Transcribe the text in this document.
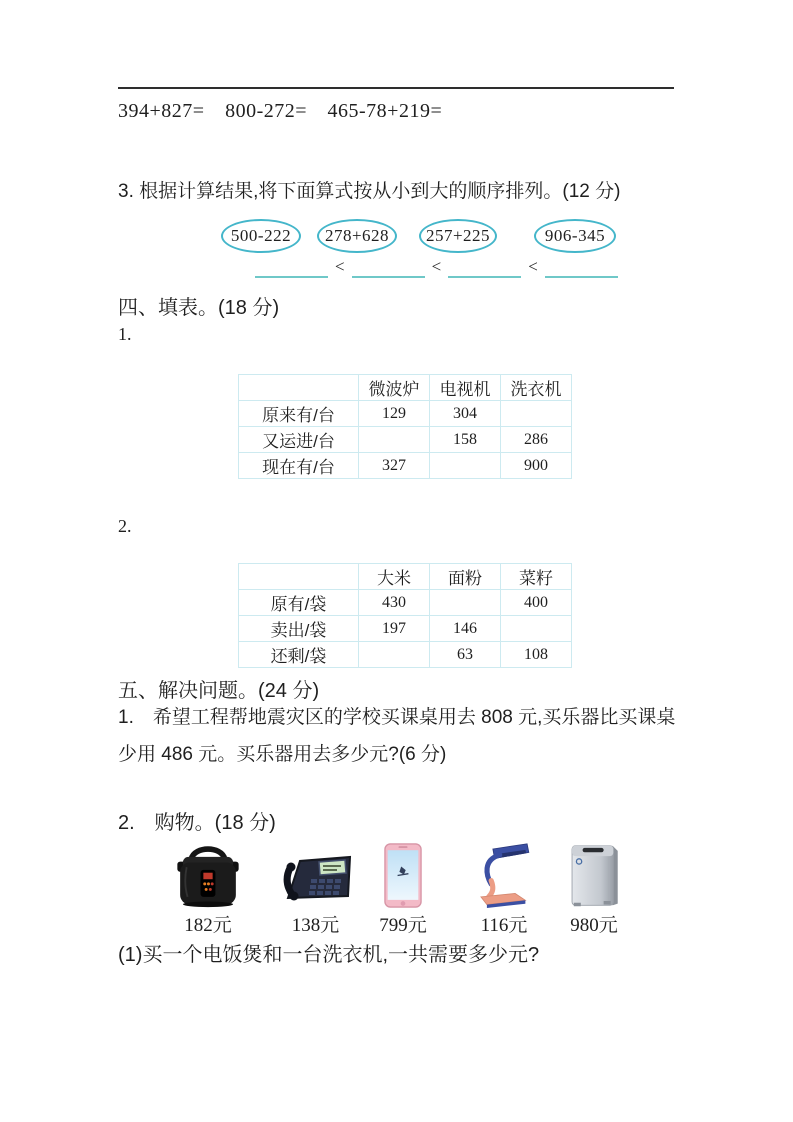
394+827= 800-272= 465-78+219=
3. 根据计算结果,将下面算式按从小到大的顺序排列。(12 分)
500-222	278+628	257+225	906-345
<	<	<
四、填表。(18 分)
1.
	微波炉	电视机	洗衣机
原来有/台	129	304	
又运进/台		158	286
现在有/台	327		900
2.
	大米	面粉	菜籽
原有/袋	430		400
卖出/袋	197	146	
还剩/袋		63	108
五、解决问题。(24 分)
1.　希望工程帮地震灾区的学校买课桌用去 808 元,买乐器比买课桌少用 486 元。买乐器用去多少元?(6 分)
2.　购物。(18 分)
182元	138元 799元	116元 980元
(1)买一个电饭煲和一台洗衣机,一共需要多少元?
